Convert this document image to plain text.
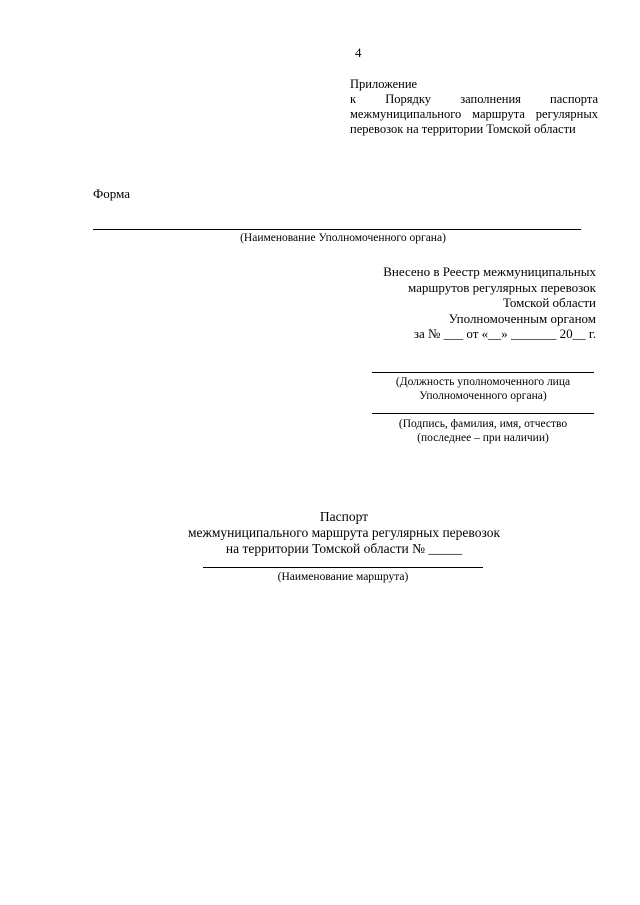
4
Приложение
к Порядку заполнения паспорта
межмуниципального маршрута регулярных
перевозок на территории Томской области
Форма
(Наименование Уполномоченного органа)
Внесено в Реестр межмуниципальных
маршрутов регулярных перевозок
Томской области
Уполномоченным органом
за № ___ от «__» _______ 20__ г.
(Должность уполномоченного лица
Уполномоченного органа)
(Подпись, фамилия, имя, отчество
(последнее – при наличии)
Паспорт
межмуниципального маршрута регулярных перевозок
на территории Томской области № _____
(Наименование маршрута)
